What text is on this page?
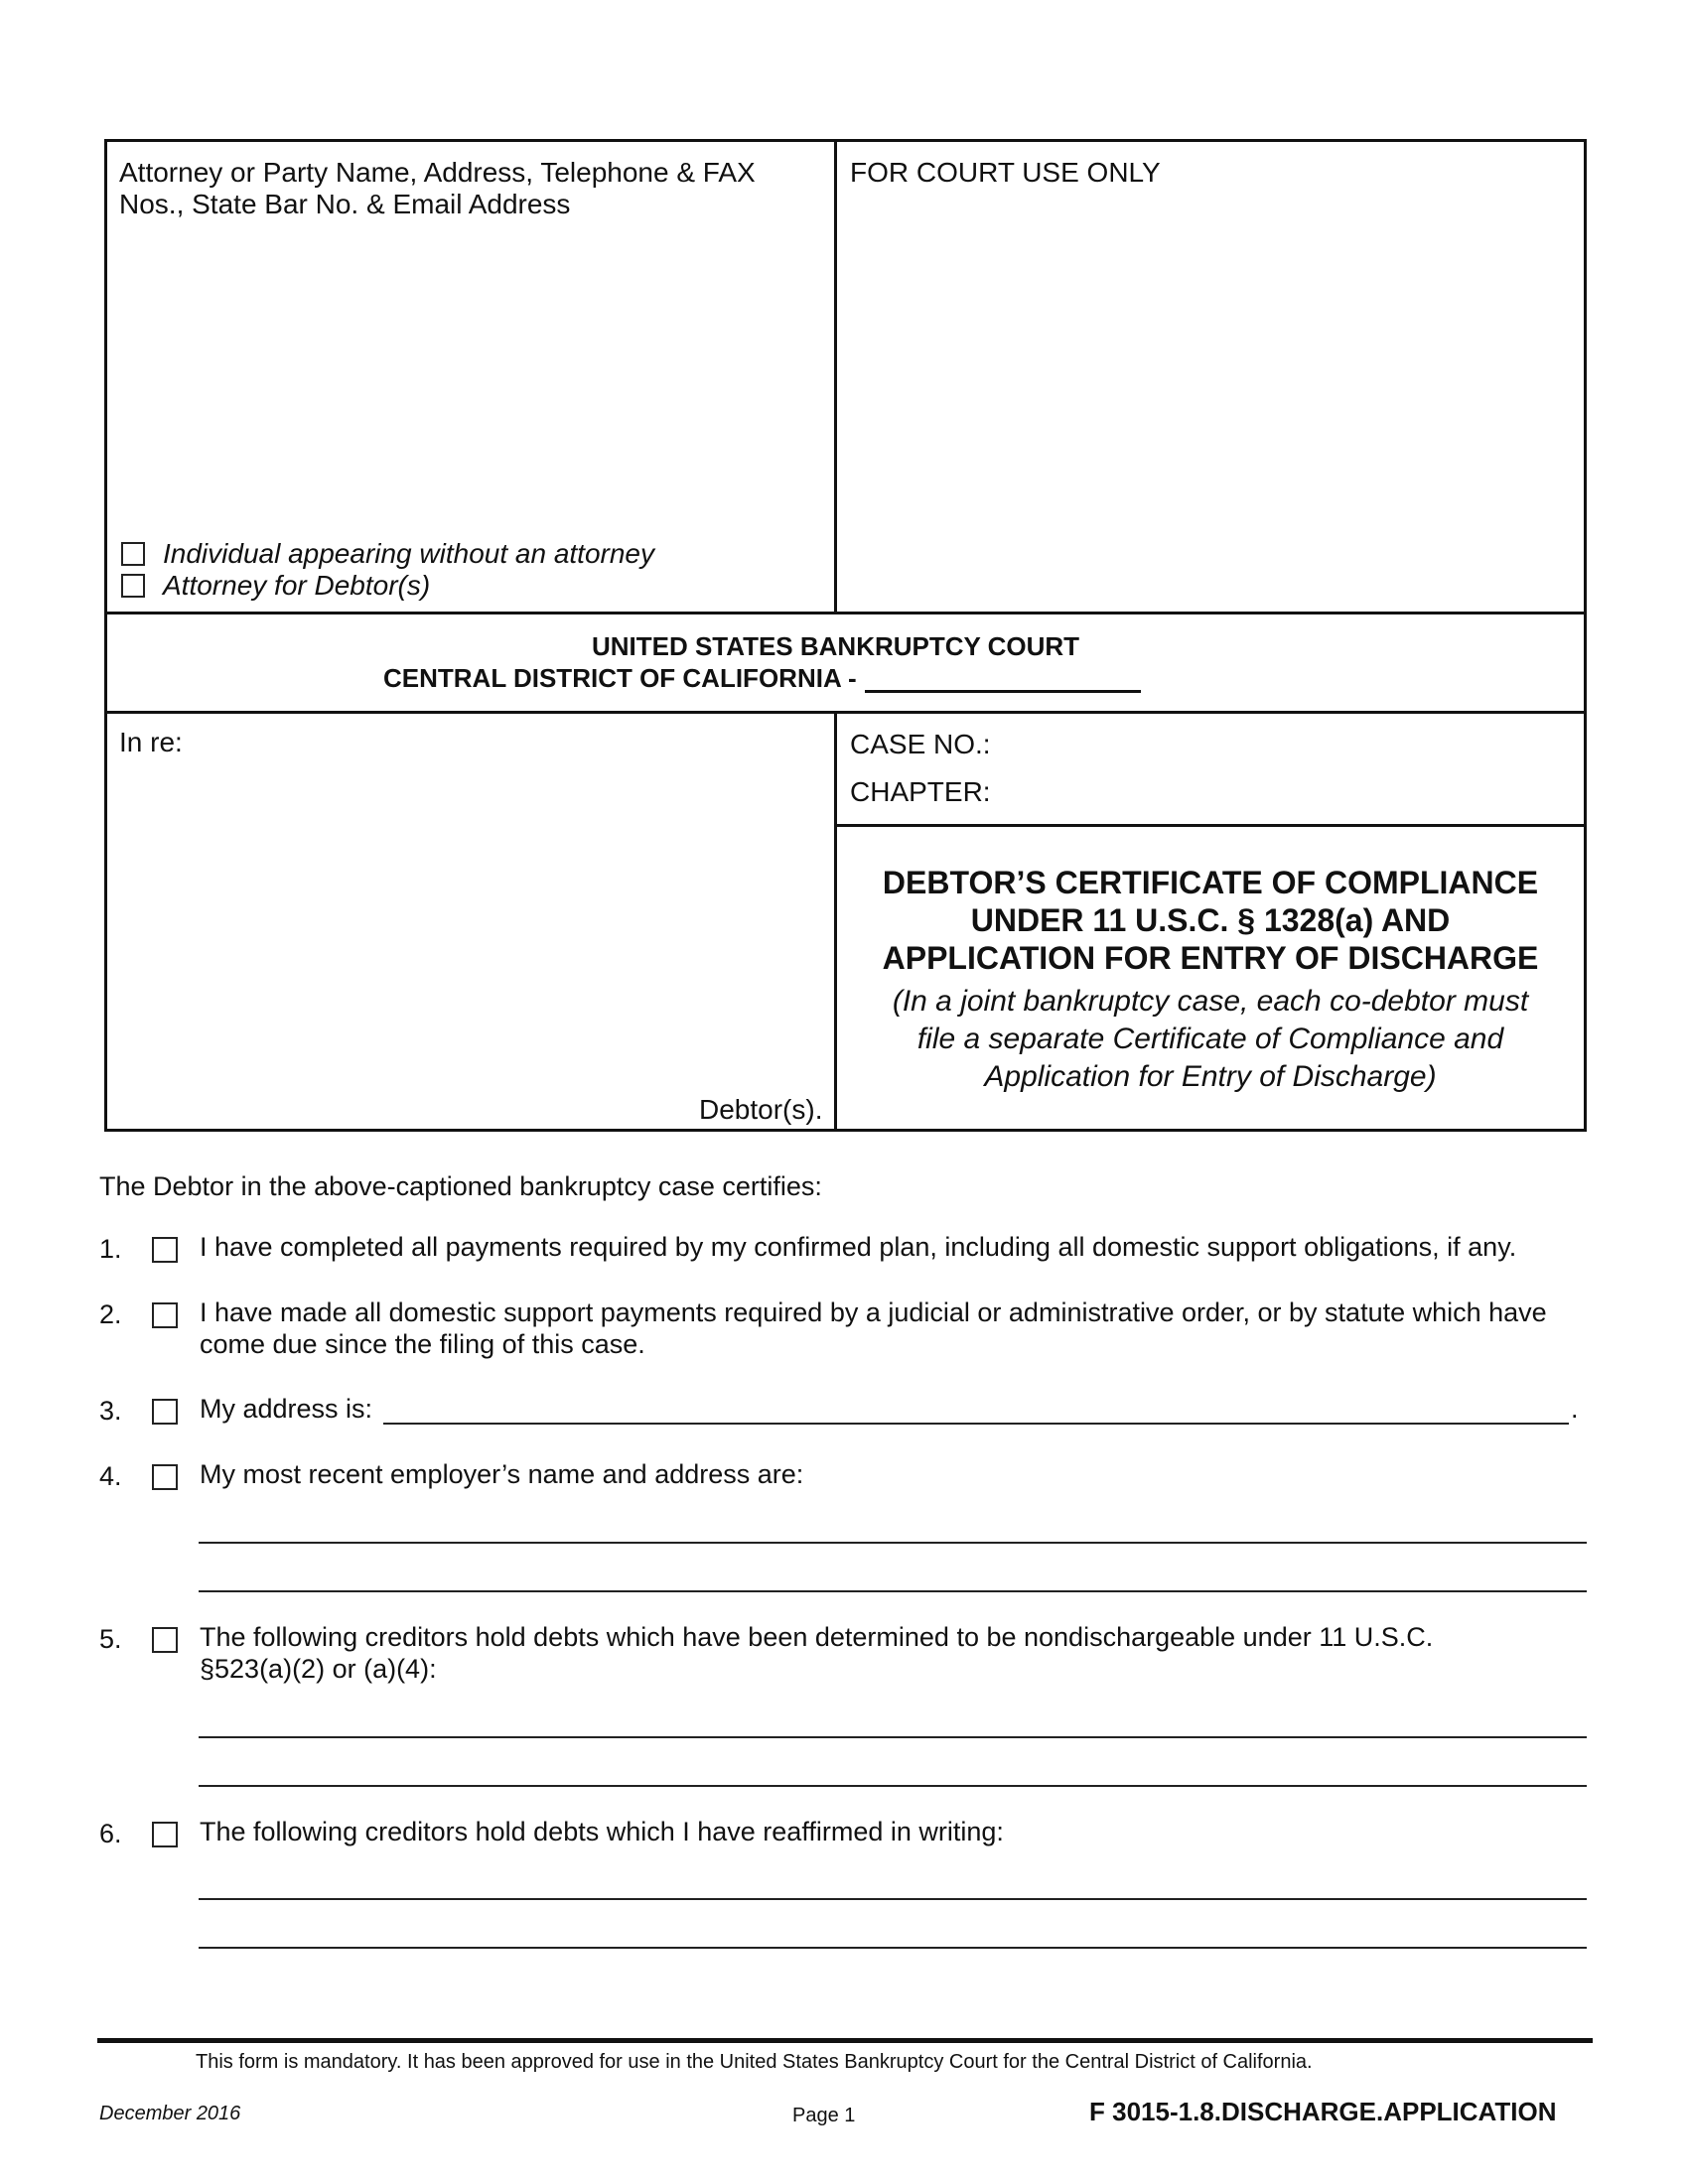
Attorney or Party Name, Address, Telephone & FAX
Nos., State Bar No. & Email Address
Individual appearing without an attorney
Attorney for Debtor(s)
FOR COURT USE ONLY
UNITED STATES BANKRUPTCY COURT
CENTRAL DISTRICT OF CALIFORNIA -
In re:
Debtor(s).
CASE NO.:
CHAPTER:
DEBTOR’S CERTIFICATE OF COMPLIANCE
UNDER 11 U.S.C. § 1328(a) AND
APPLICATION FOR ENTRY OF DISCHARGE
(In a joint bankruptcy case, each co-debtor must
file a separate Certificate of Compliance and
Application for Entry of Discharge)
The Debtor in the above-captioned bankruptcy case certifies:
1.	I have completed all payments required by my confirmed plan, including all domestic support obligations, if any.
2.	I have made all domestic support payments required by a judicial or administrative order, or by statute which have
come due since the filing of this case.
3.	My address is:	.
4.	My most recent employer’s name and address are:
5.	The following creditors hold debts which have been determined to be nondischargeable under 11 U.S.C.
§523(a)(2) or (a)(4):
6.	The following creditors hold debts which I have reaffirmed in writing:
This form is mandatory. It has been approved for use in the United States Bankruptcy Court for the Central District of California.
December 2016	Page 1	F 3015-1.8.DISCHARGE.APPLICATION
